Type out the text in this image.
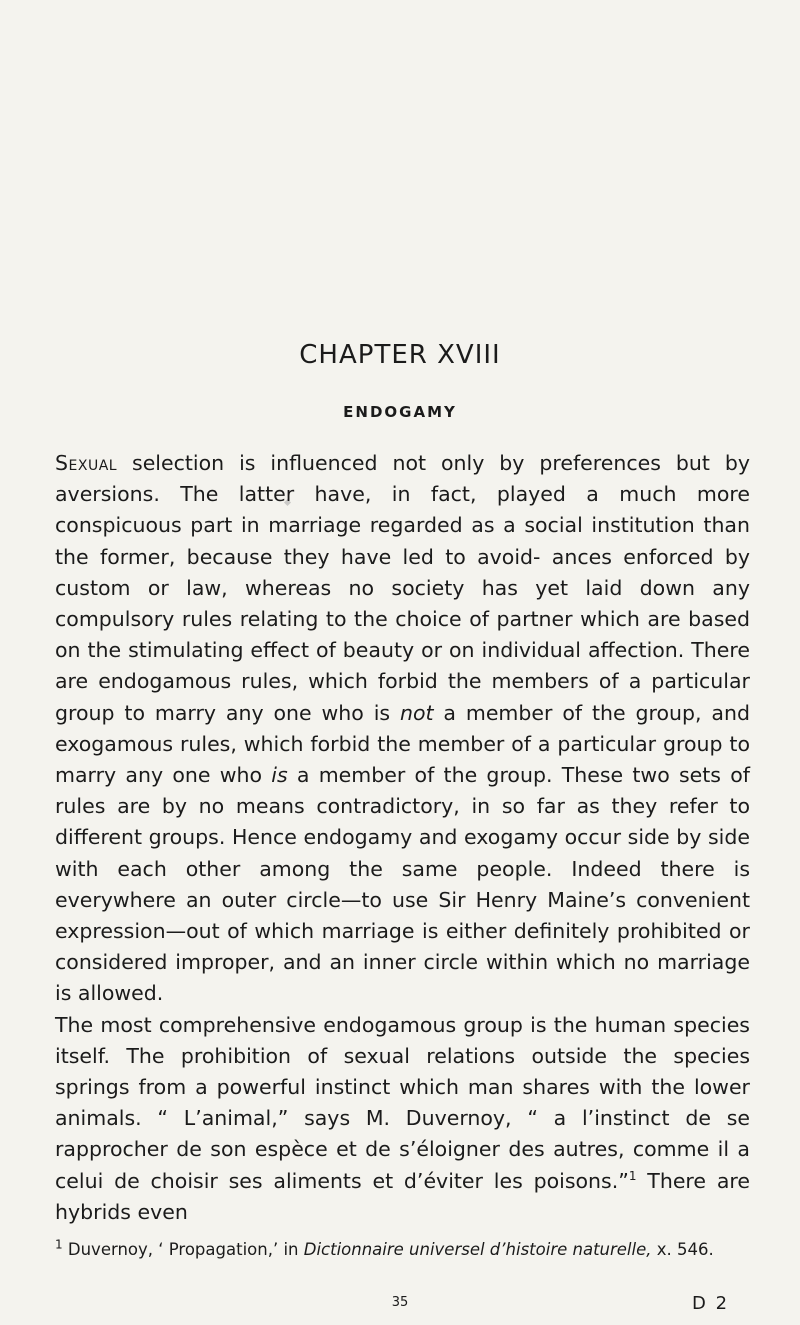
CHAPTER XVIII
ENDOGAMY

Sexual selection is influenced not only by preferences but by aversions. The latter have, in fact, played a much more conspicuous part in marriage regarded as a social institution than the former, because they have led to avoid- ances enforced by custom or law, whereas no society has yet laid down any compulsory rules relating to the choice of partner which are based on the stimulating effect of beauty or on individual affection. There are endogamous rules, which forbid the members of a particular group to marry any one who is not a member of the group, and exogamous rules, which forbid the member of a particular group to marry any one who is a member of the group. These two sets of rules are by no means contradictory, in so far as they refer to different groups. Hence endogamy and exogamy occur side by side with each other among the same people. Indeed there is everywhere an outer circle—to use Sir Henry Maine’s convenient expression—out of which marriage is either definitely prohibited or considered improper, and an inner circle within which no marriage is allowed.

The most comprehensive endogamous group is the human species itself. The prohibition of sexual relations outside the species springs from a powerful instinct which man shares with the lower animals. “ L’animal,” says M. Duvernoy, “ a l’instinct de se rapprocher de son espèce et de s’éloigner des autres, comme il a celui de choisir ses aliments et d’éviter les poisons.”$^1$ There are hybrids even

$^1$ Duvernoy, ‘ Propagation,’ in Dictionnaire universel d’histoire naturelle, x. 546.
35	D 2
